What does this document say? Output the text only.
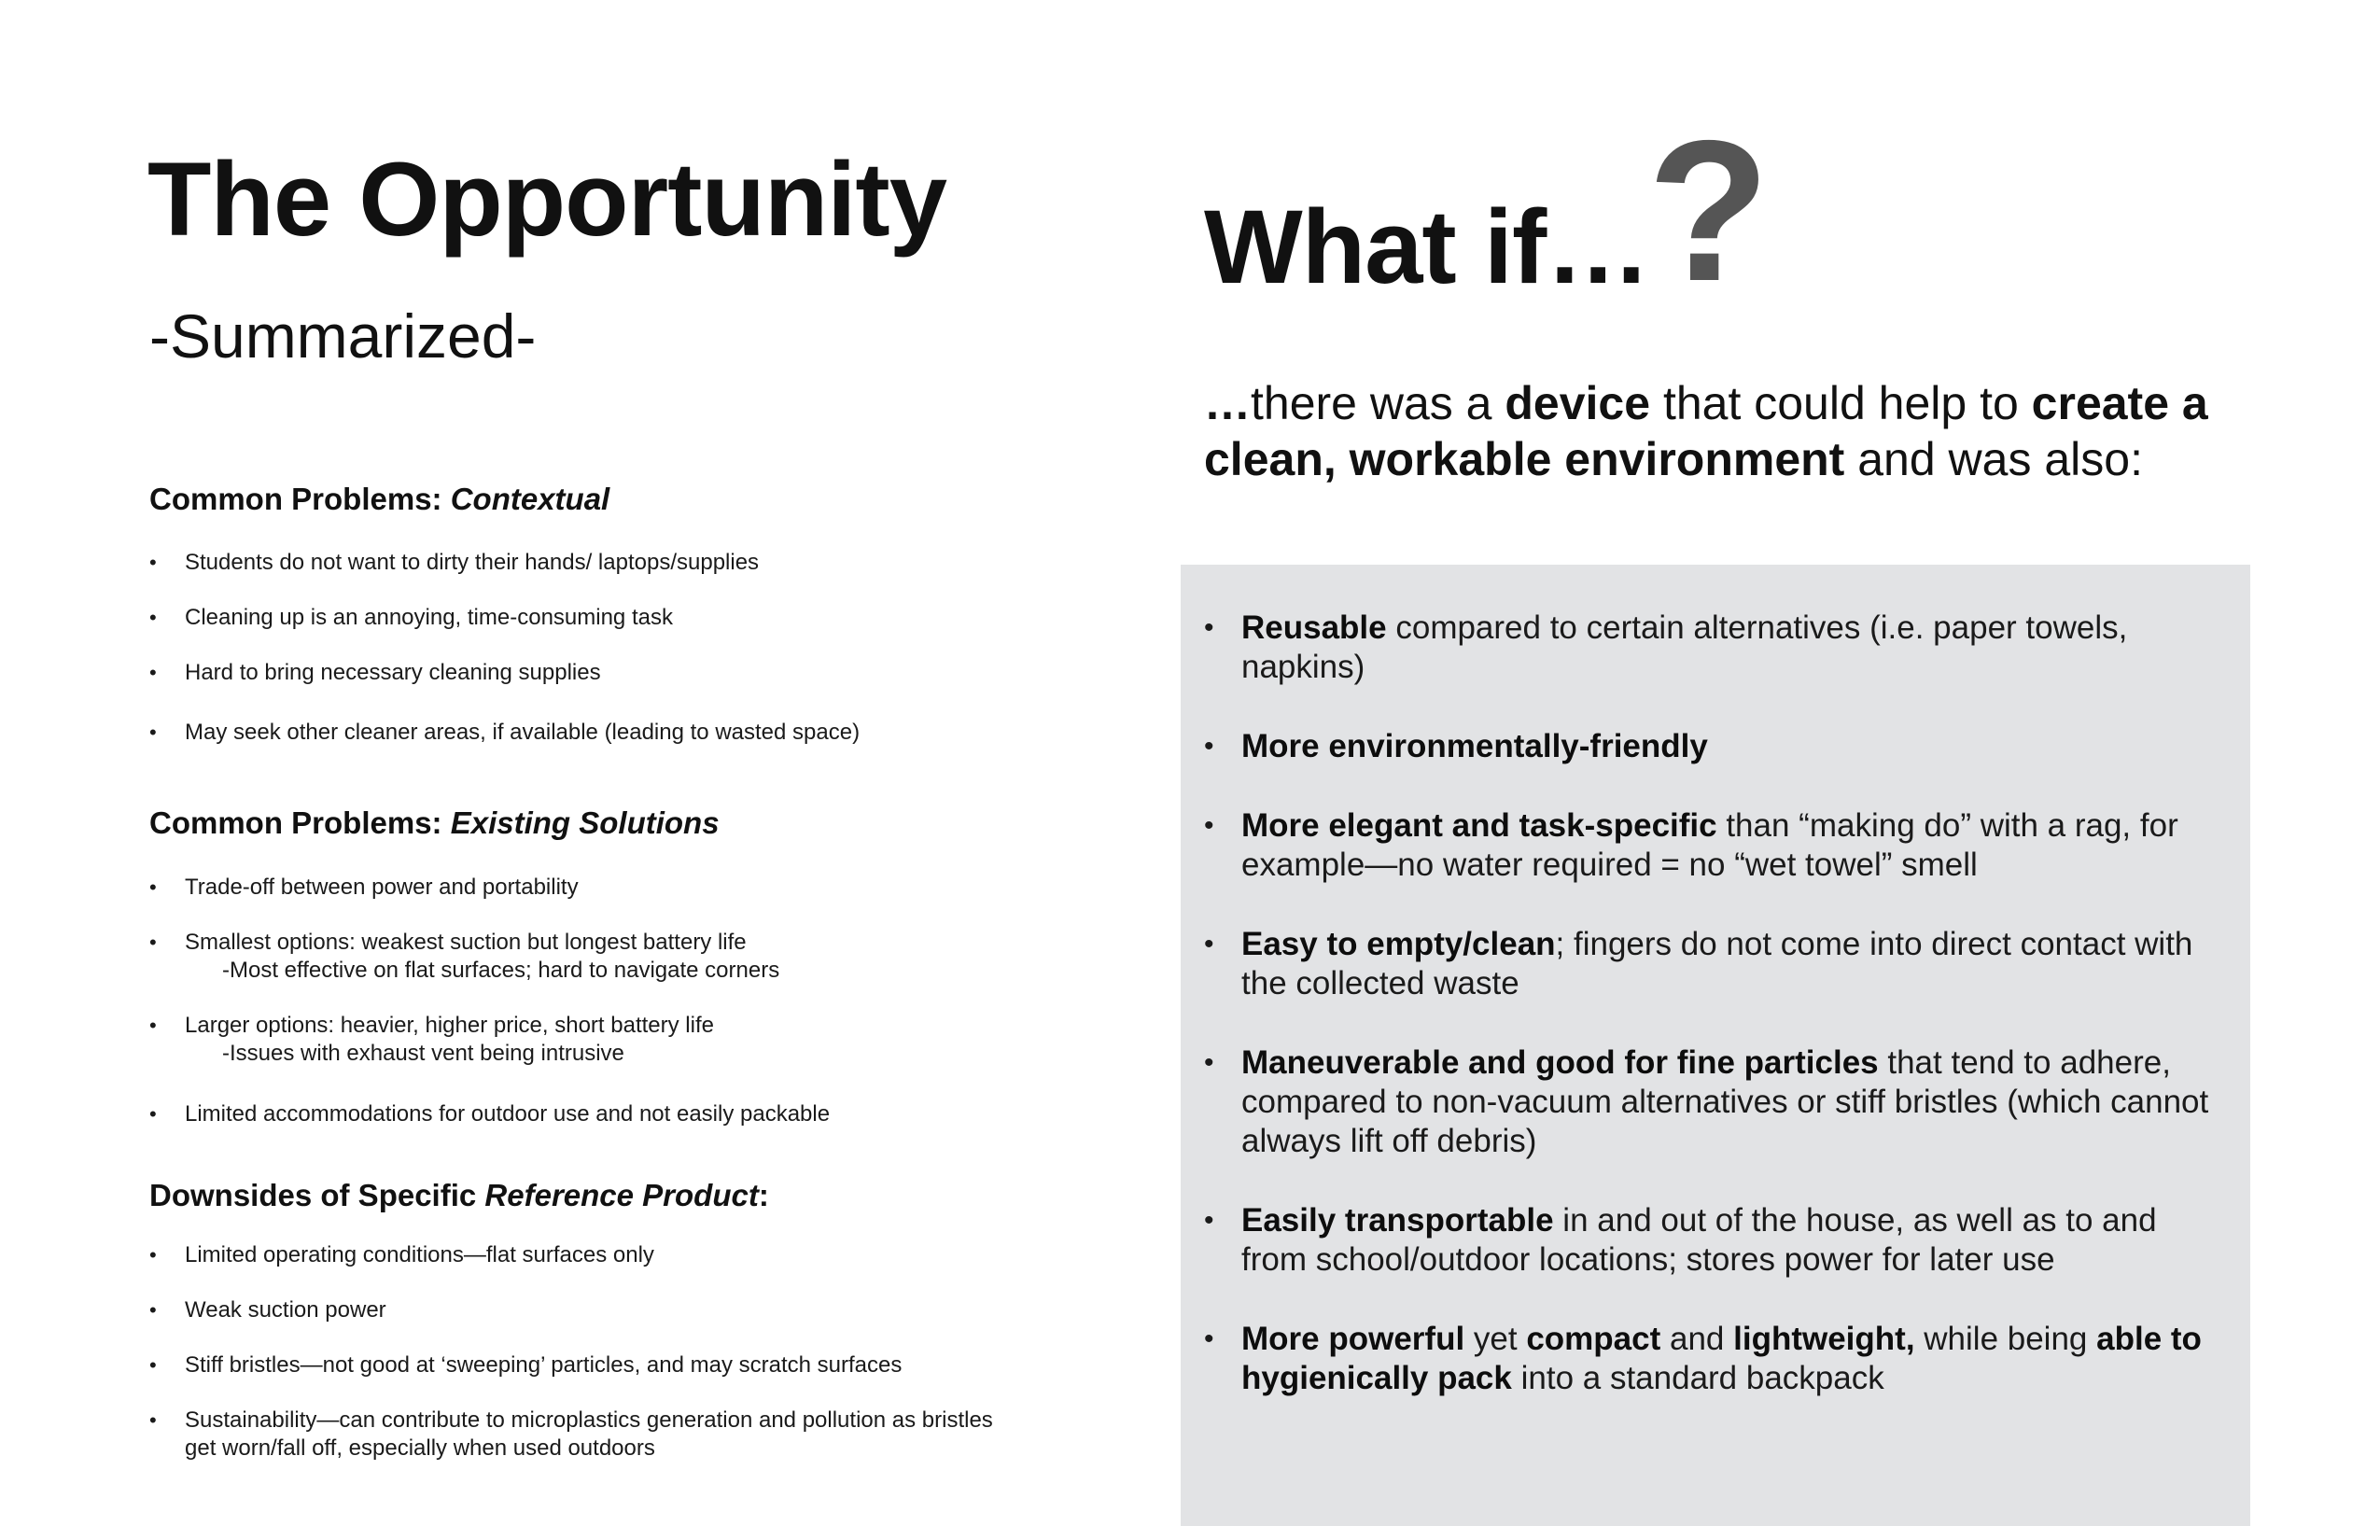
The Opportunity
-Summarized-
Common Problems: Contextual
• Students do not want to dirty their hands/ laptops/supplies
• Cleaning up is an annoying, time-consuming task
• Hard to bring necessary cleaning supplies
• May seek other cleaner areas, if available (leading to wasted space)
Common Problems: Existing Solutions
• Trade-off between power and portability
• Smallest options: weakest suction but longest battery life
-Most effective on flat surfaces; hard to navigate corners
• Larger options: heavier, higher price, short battery life
-Issues with exhaust vent being intrusive
• Limited accommodations for outdoor use and not easily packable
Downsides of Specific Reference Product:
• Limited operating conditions—flat surfaces only
• Weak suction power
• Stiff bristles—not good at ‘sweeping’ particles, and may scratch surfaces
• Sustainability—can contribute to microplastics generation and pollution as bristles get worn/fall off, especially when used outdoors
What if…
?

…there was a device that could help to create a clean, workable environment and was also:

• Reusable compared to certain alternatives (i.e. paper towels, napkins)
• More environmentally-friendly
• More elegant and task-specific than “making do” with a rag, for example—no water required = no “wet towel” smell
• Easy to empty/clean; fingers do not come into direct contact with the collected waste
• Maneuverable and good for fine particles that tend to adhere, compared to non-vacuum alternatives or stiff bristles (which cannot always lift off debris)
• Easily transportable in and out of the house, as well as to and from school/outdoor locations; stores power for later use
• More powerful yet compact and lightweight, while being able to hygienically pack into a standard backpack
